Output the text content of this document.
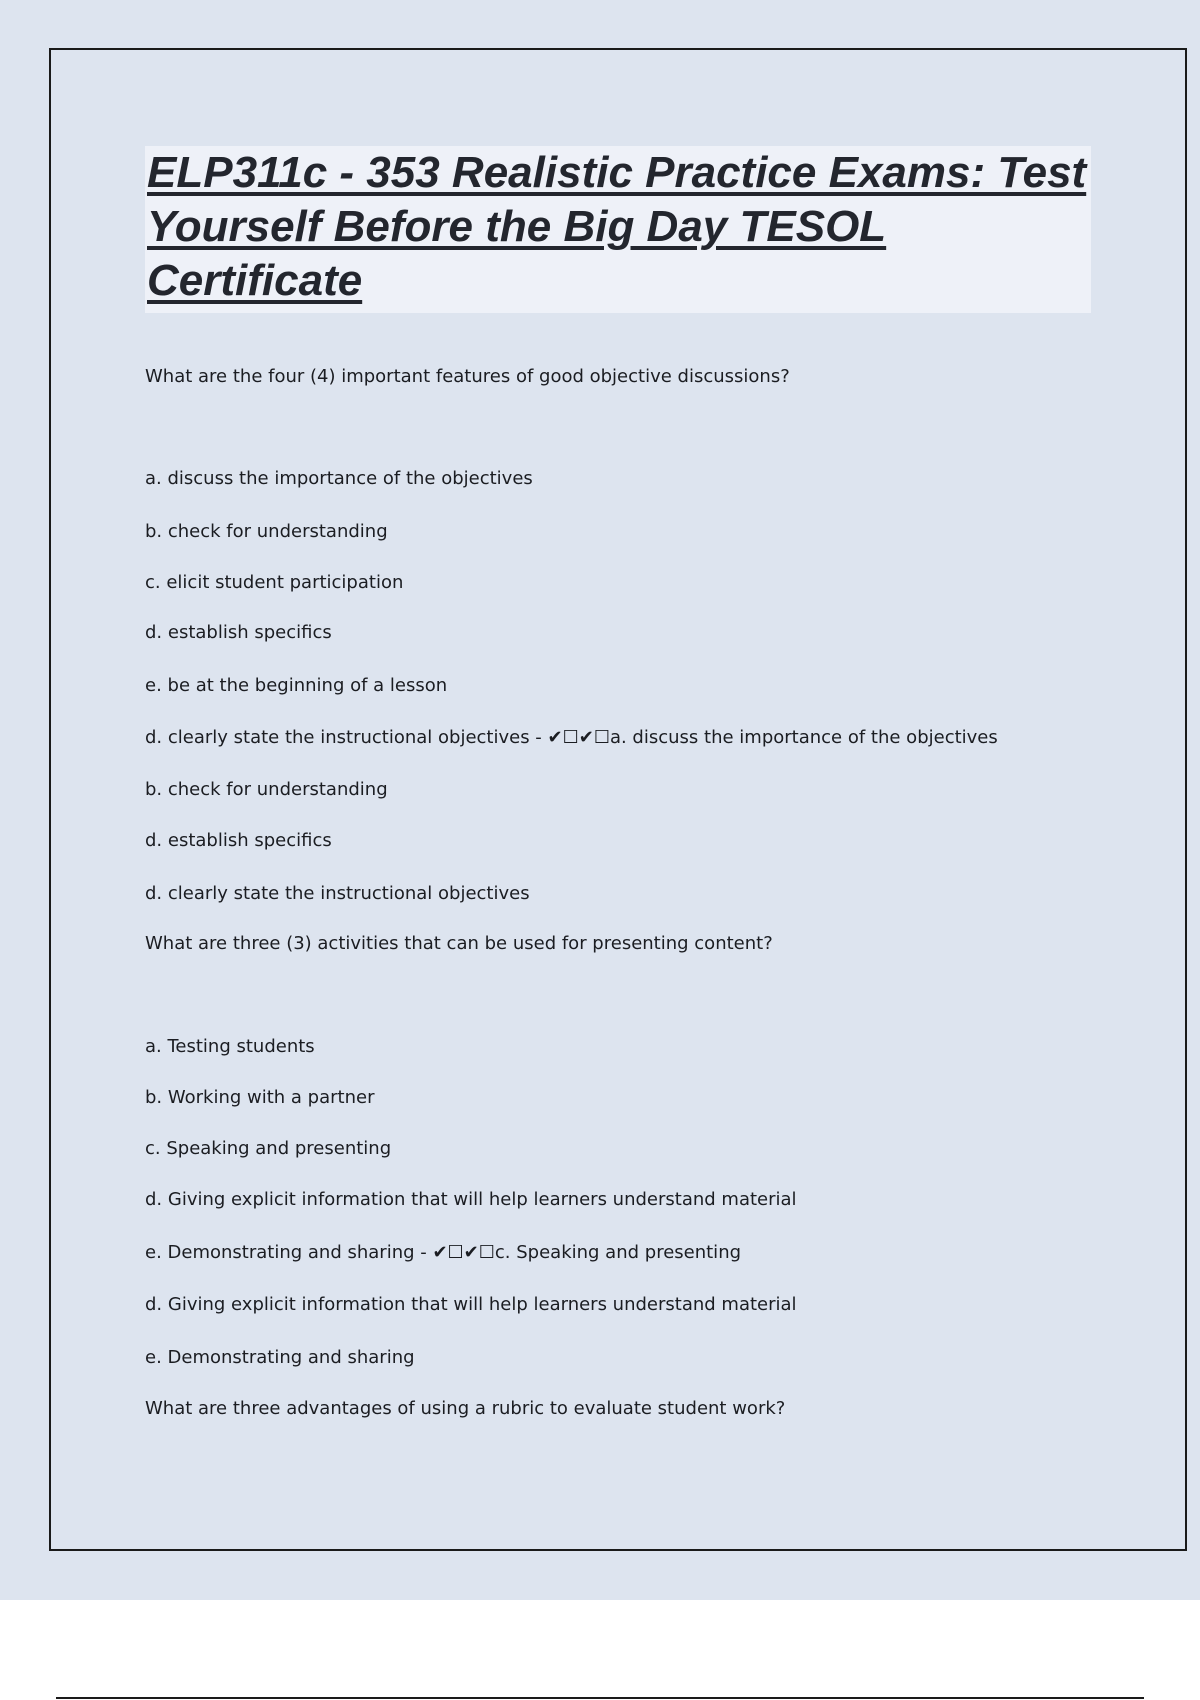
ELP311c - 353 Realistic Practice Exams: Test Yourself Before the Big Day TESOL Certificate

What are the four (4) important features of good objective discussions?

a. discuss the importance of the objectives

b. check for understanding

c. elicit student participation

d. establish specifics

e. be at the beginning of a lesson

d. clearly state the instructional objectives - ✔☐✔☐a. discuss the importance of the objectives

b. check for understanding

d. establish specifics

d. clearly state the instructional objectives

What are three (3) activities that can be used for presenting content?

a. Testing students

b. Working with a partner

c. Speaking and presenting

d. Giving explicit information that will help learners understand material

e. Demonstrating and sharing - ✔☐✔☐c. Speaking and presenting

d. Giving explicit information that will help learners understand material

e. Demonstrating and sharing

What are three advantages of using a rubric to evaluate student work?
